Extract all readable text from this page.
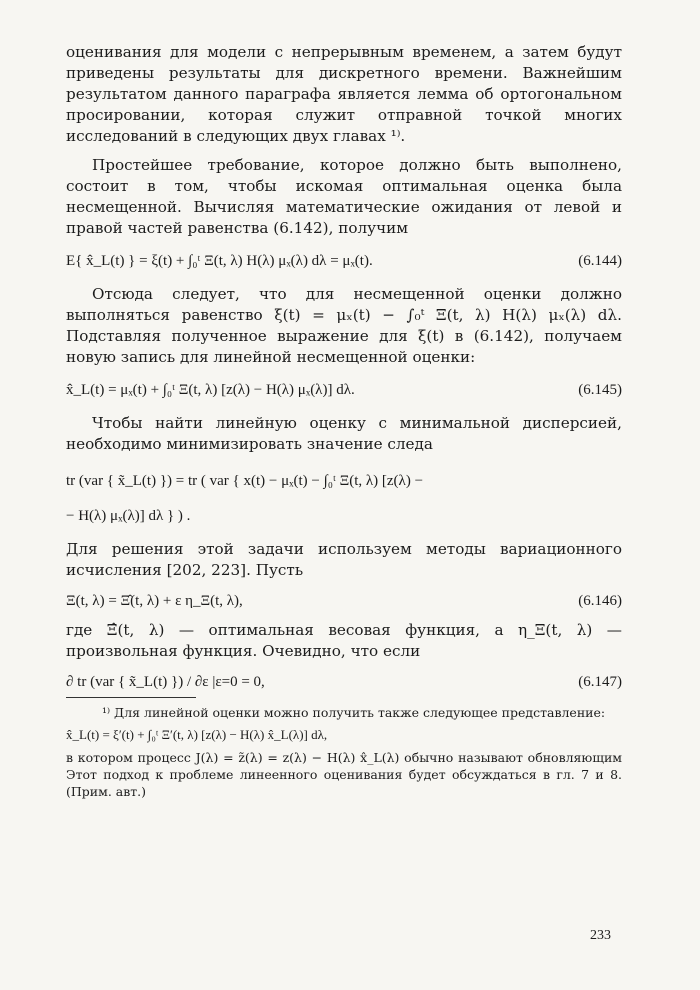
оценивания для модели с непрерывным временем, а затем будут приведены результаты для дискретного времени. Важнейшим результатом данного параграфа является лемма об ортогональном просировании, которая служит отправной точкой многих исследований в следующих двух главах ¹⁾.

Простейшее требование, которое должно быть выполнено, состоит в том, чтобы искомая оптимальная оценка была несмещенной. Вычисляя математические ожидания от левой и правой частей равенства (6.142), получим

E{ x̂_L(t) } = ξ(t) + ∫₀ᵗ Ξ(t, λ) H(λ) μₓ(λ) dλ = μₓ(t).	(6.144)

Отсюда следует, что для несмещенной оценки должно выполняться равенство ξ(t) = μₓ(t) − ∫₀ᵗ Ξ(t, λ) H(λ) μₓ(λ) dλ. Подставляя полученное выражение для ξ(t) в (6.142), получаем новую запись для линейной несмещенной оценки:

x̂_L(t) = μₓ(t) + ∫₀ᵗ Ξ(t, λ) [z(λ) − H(λ) μₓ(λ)] dλ.	(6.145)

Чтобы найти линейную оценку с минимальной дисперсией, необходимо минимизировать значение следа

tr (var { x̃_L(t) }) = tr ( var { x(t) − μₓ(t) − ∫₀ᵗ Ξ(t, λ) [z(λ) −
− H(λ) μₓ(λ)] dλ } ) .

Для решения этой задачи используем методы вариационного исчисления [202, 223]. Пусть

Ξ(t, λ) = Ξ̂(t, λ) + ε η_Ξ(t, λ),	(6.146)

где Ξ̂(t, λ) — оптимальная весовая функция, а η_Ξ(t, λ) — произвольная функция. Очевидно, что если

∂ tr (var { x̃_L(t) }) / ∂ε |ε=0 = 0,	(6.147)

¹⁾ Для линейной оценки можно получить также следующее представление:

x̂_L(t) = ξ′(t) + ∫₀ᵗ Ξ′(t, λ) [z(λ) − H(λ) x̂_L(λ)] dλ,

в котором процесс J(λ) = z̃(λ) = z(λ) − H(λ) x̂_L(λ) обычно называют обновляющим Этот подход к проблеме линеенного оценивания будет обсуждаться в гл. 7 и 8. (Прим. авт.)

233
